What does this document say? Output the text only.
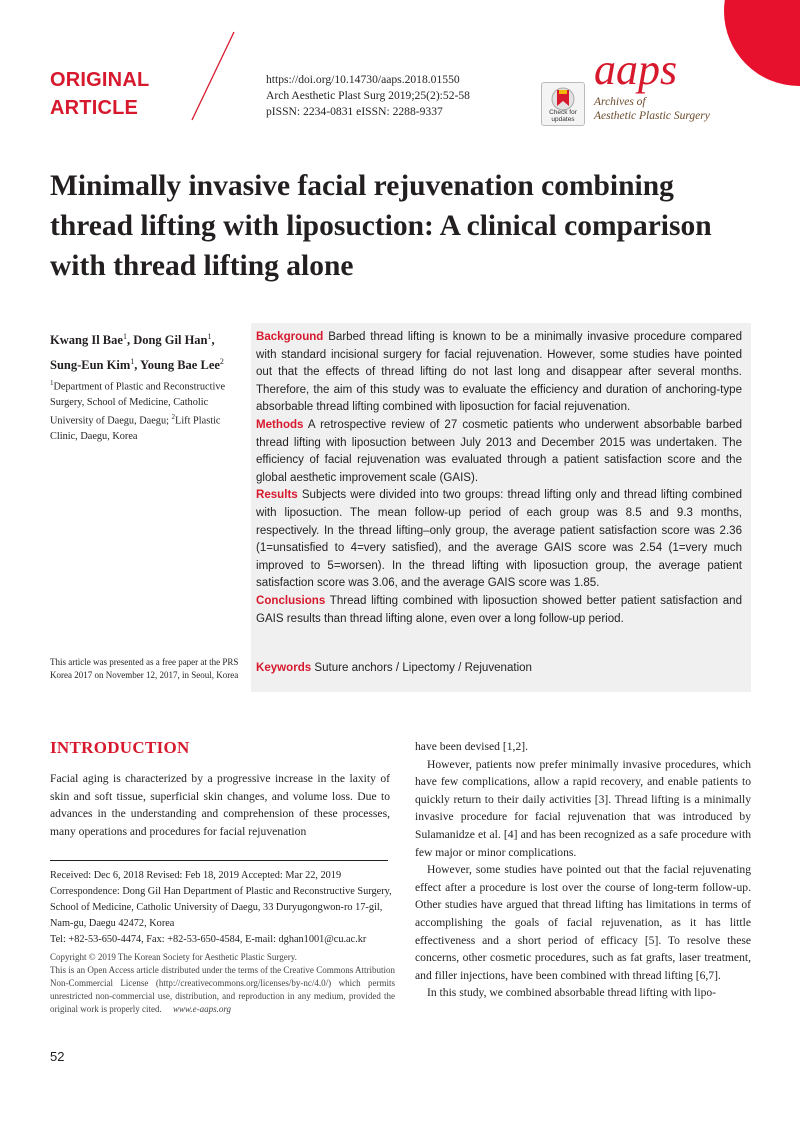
ORIGINAL
ARTICLE
https://doi.org/10.14730/aaps.2018.01550
Arch Aesthetic Plast Surg 2019;25(2):52-58
pISSN: 2234-0831 eISSN: 2288-9337	Check for
updates
aaps
Archives of
Aesthetic Plastic Surgery
Minimally invasive facial rejuvenation combining
thread lifting with liposuction: A clinical comparison
with thread lifting alone
Kwang Il Bae$^1$, Dong Gil Han$^1$,
Sung-Eun Kim$^1$, Young Bae Lee$^2$
$^1$Department of Plastic and Reconstructive Surgery, School of Medicine, Catholic University of Daegu, Daegu; $^2$Lift Plastic Clinic, Daegu, Korea
This article was presented as a free paper at the PRS Korea 2017 on November 12, 2017, in Seoul, Korea

Background Barbed thread lifting is known to be a minimally invasive procedure compared with standard incisional surgery for facial rejuvenation. However, some studies have pointed out that the effects of thread lifting do not last long and disappear after several months. Therefore, the aim of this study was to evaluate the efficiency and duration of anchoring-type absorbable thread lifting combined with liposuction for facial rejuvenation.

Methods A retrospective review of 27 cosmetic patients who underwent absorbable barbed thread lifting with liposuction between July 2013 and December 2015 was undertaken. The efficiency of facial rejuvenation was evaluated through a patient satisfaction score and the global aesthetic improvement scale (GAIS).

Results Subjects were divided into two groups: thread lifting only and thread lifting combined with liposuction. The mean follow-up period of each group was 8.5 and 9.3 months, respectively. In the thread lifting–only group, the average patient satisfaction score was 2.36 (1=unsatisfied to 4=very satisfied), and the average GAIS score was 2.54 (1=very much improved to 5=worsen). In the thread lifting with liposuction group, the average patient satisfaction score was 3.06, and the average GAIS score was 1.85.

Conclusions Thread lifting combined with liposuction showed better patient satisfaction and GAIS results than thread lifting alone, even over a long follow-up period.

Keywords Suture anchors / Lipectomy / Rejuvenation
INTRODUCTION

Facial aging is characterized by a progressive increase in the laxity of skin and soft tissue, superficial skin changes, and volume loss. Due to advances in the understanding and comprehension of these processes, many operations and procedures for facial rejuvenation

have been devised [1,2].

However, patients now prefer minimally invasive procedures, which have few complications, allow a rapid recovery, and enable patients to quickly return to their daily activities [3]. Thread lifting is a minimally invasive procedure for facial rejuvenation that was introduced by Sulamanidze et al. [4] and has been recognized as a safe procedure with few major or minor complications.

However, some studies have pointed out that the facial rejuvenating effect after a procedure is lost over the course of long-term follow-up. Other studies have argued that thread lifting has limitations in terms of accomplishing the goals of facial rejuvenation, as it has little effectiveness and a short period of efficacy [5]. To resolve these concerns, other cosmetic procedures, such as fat grafts, laser treatment, and filler injections, have been combined with thread lifting [6,7].

In this study, we combined absorbable thread lifting with lipo-

Received: Dec 6, 2018 Revised: Feb 18, 2019 Accepted: Mar 22, 2019
Correspondence: Dong Gil Han Department of Plastic and Reconstructive Surgery, School of Medicine, Catholic University of Daegu, 33 Duryugongwon-ro 17-gil, Nam-gu, Daegu 42472, Korea
Tel: +82-53-650-4474, Fax: +82-53-650-4584, E-mail: dghan1001@cu.ac.kr
Copyright © 2019 The Korean Society for Aesthetic Plastic Surgery.
This is an Open Access article distributed under the terms of the Creative Commons Attribution Non-Commercial License (http://creativecommons.org/licenses/by-nc/4.0/) which permits unrestricted non-commercial use, distribution, and reproduction in any medium, provided the original work is properly cited. www.e-aaps.org
52
